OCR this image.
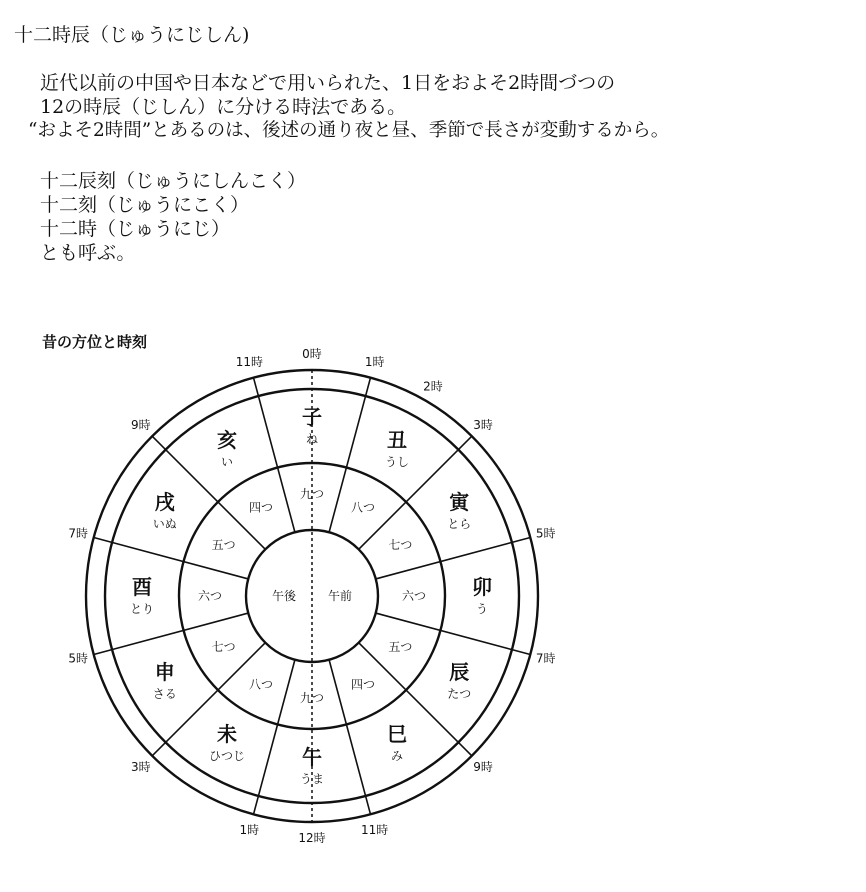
十二時辰（じゅうにじしん)
近代以前の中国や日本などで用いられた、1日をおよそ2時間づつの
12の時辰（じしん）に分ける時法である。
“およそ2時間”とあるのは、後述の通り夜と昼、季節で長さが変動するから。
十二辰刻（じゅうにしんこく）
十二刻（じゅうにこく）
十二時（じゅうにじ）
とも呼ぶ。
昔の方位と時刻
子
ね	丑
うし
寅
とら
卯
う
辰
たつ
巳
み
午
うま
未
ひつじ
申
さる
酉
とり
戌
いぬ
亥
い
九つ
八つ
七つ
六つ
五つ
四つ
九つ
八つ
七つ
六つ
五つ
四つ
0時
1時
2時
3時
5時
7時
9時
11時
12時
1時
3時
5時
7時
9時
11時
午後	午前
